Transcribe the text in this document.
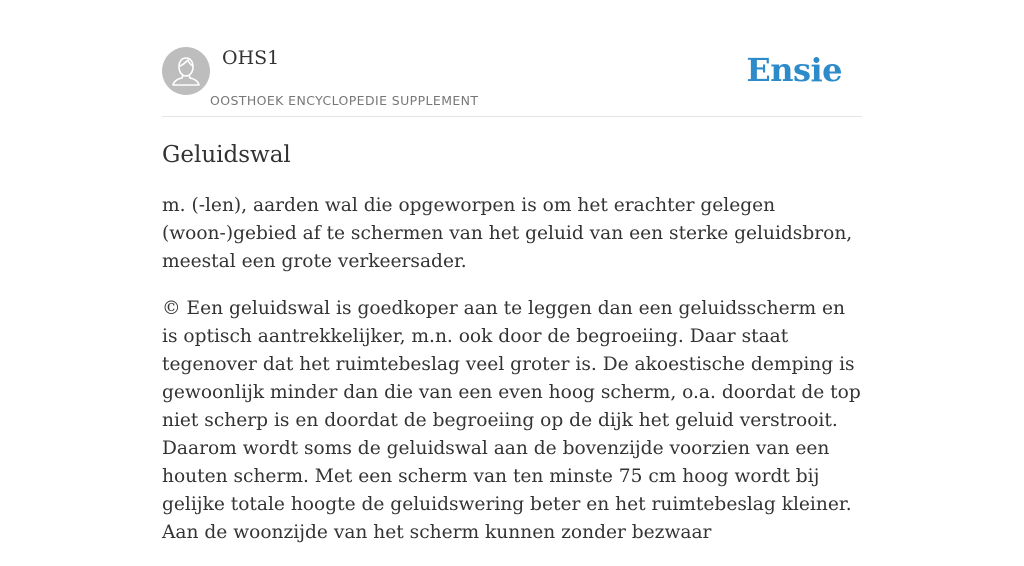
OHS1
OOSTHOEK ENCYCLOPEDIE SUPPLEMENT
Ensie
Geluidswal

m. (-len), aarden wal die opgeworpen is om het erachter gelegen (woon-)gebied af te schermen van het geluid van een sterke geluidsbron, meestal een grote verkeersader.

© Een geluidswal is goedkoper aan te leggen dan een geluidsscherm en is optisch aantrekkelijker, m.n. ook door de begroeiing. Daar staat tegenover dat het ruimtebeslag veel groter is. De akoestische demping is gewoonlijk minder dan die van een even hoog scherm, o.a. doordat de top niet scherp is en doordat de begroeiing op de dijk het geluid verstrooit. Daarom wordt soms de geluidswal aan de bovenzijde voorzien van een houten scherm. Met een scherm van ten minste 75 cm hoog wordt bij gelijke totale hoogte de geluidswering beter en het ruimtebeslag kleiner. Aan de woonzijde van het scherm kunnen zonder bezwaar
